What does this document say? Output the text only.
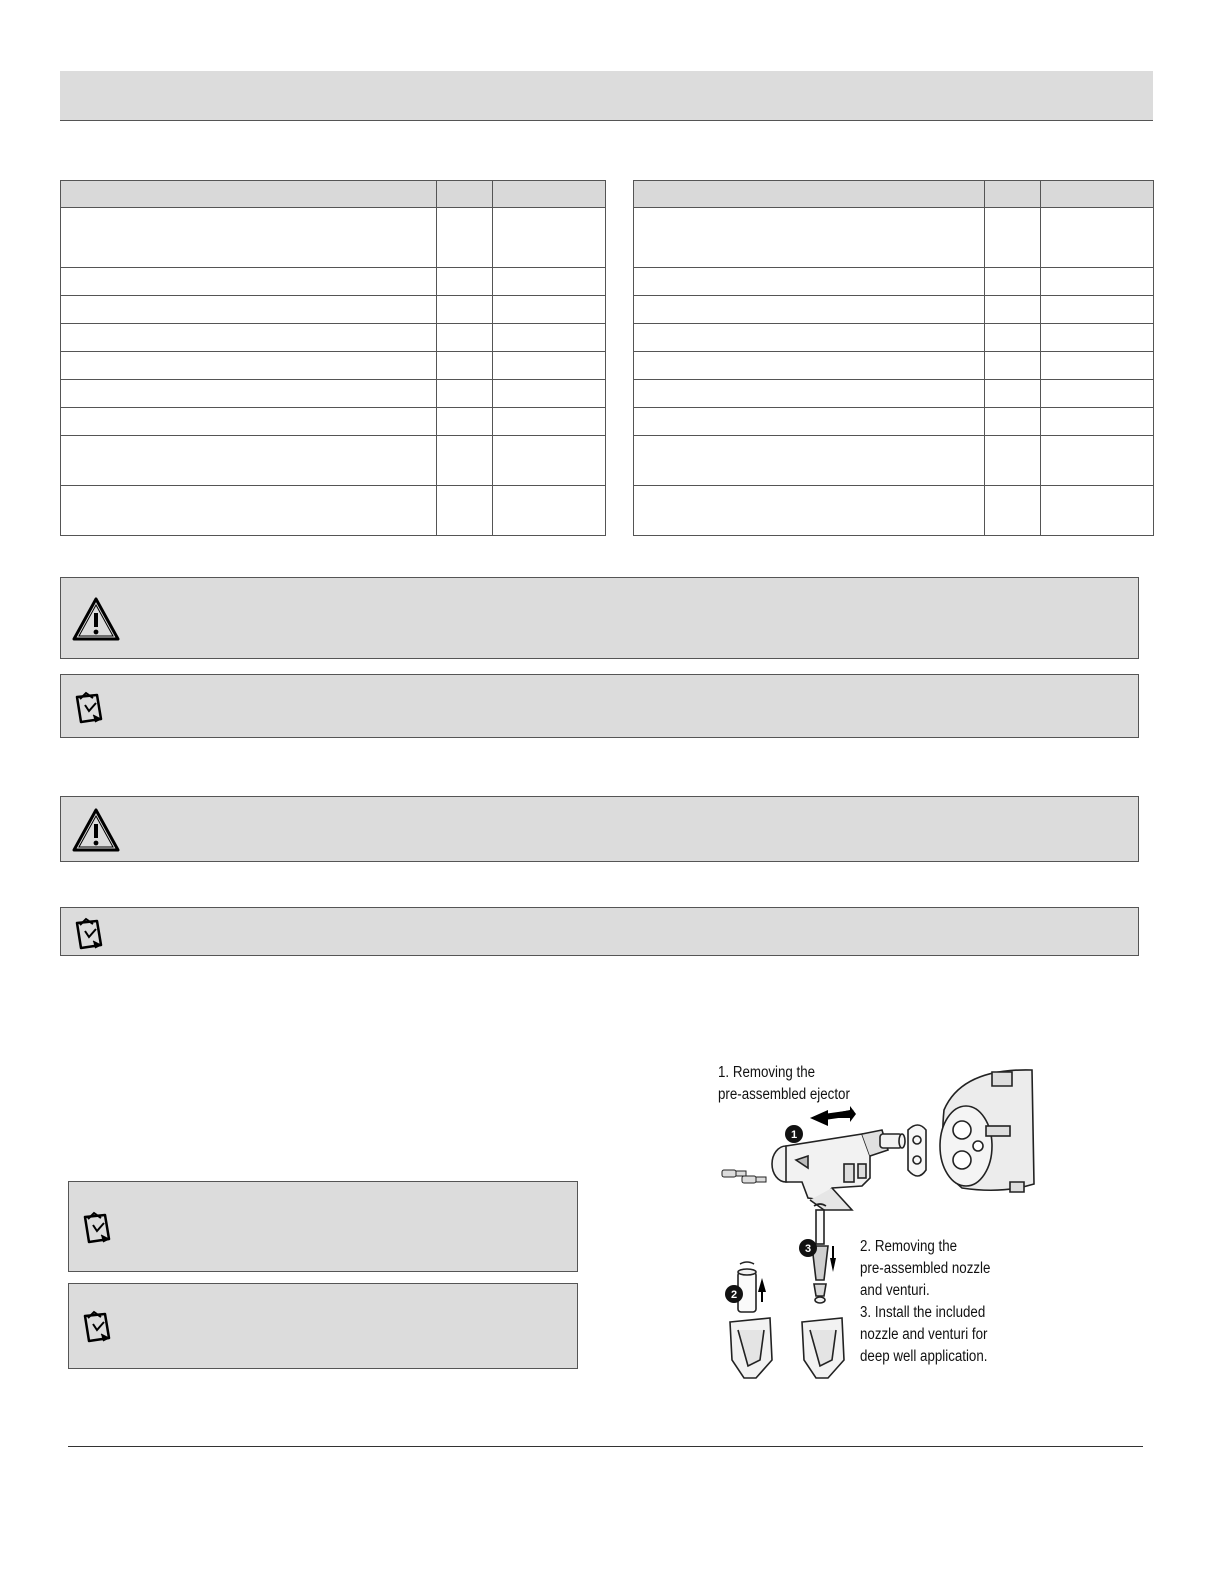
1. Removing the
pre-assembled ejector
2. Removing the
pre-assembled nozzle
and venturi.
3. Install the included
nozzle and venturi for
deep well application.
1
2
3
